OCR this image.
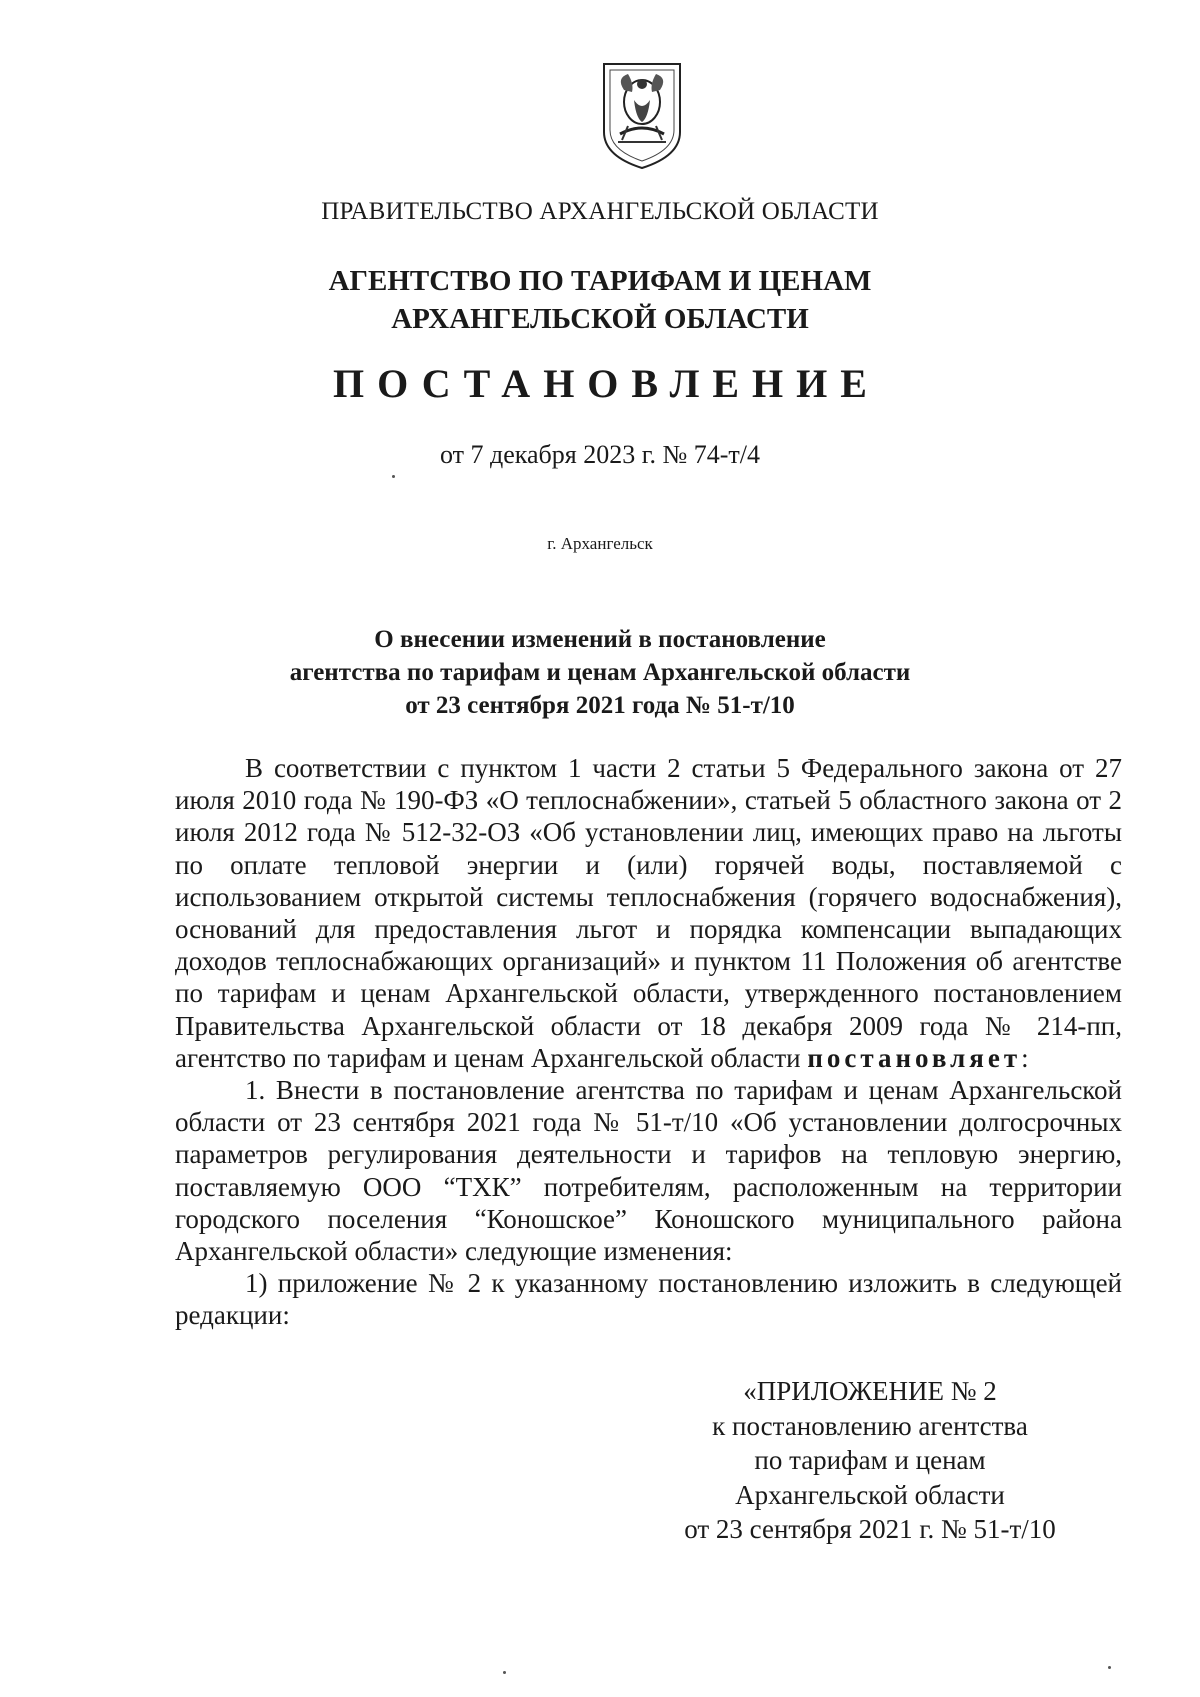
ПРАВИТЕЛЬСТВО АРХАНГЕЛЬСКОЙ ОБЛАСТИ
АГЕНТСТВО ПО ТАРИФАМ И ЦЕНАМ
АРХАНГЕЛЬСКОЙ ОБЛАСТИ
ПОСТАНОВЛЕНИЕ
от 7 декабря 2023 г. № 74-т/4
г. Архангельск
О внесении изменений в постановление
агентства по тарифам и ценам Архангельской области
от 23 сентября 2021 года № 51-т/10

В соответствии с пунктом 1 части 2 статьи 5 Федерального закона от 27 июля 2010 года № 190-ФЗ «О теплоснабжении», статьей 5 областного закона от 2 июля 2012 года № 512-32-ОЗ «Об установлении лиц, имеющих право на льготы по оплате тепловой энергии и (или) горячей воды, поставляемой с использованием открытой системы теплоснабжения (горячего водоснабжения), оснований для предоставления льгот и порядка компенсации выпадающих доходов теплоснабжающих организаций» и пунктом 11 Положения об агентстве по тарифам и ценам Архангельской области, утвержденного постановлением Правительства Архангельской области от 18 декабря 2009 года № 214-пп, агентство по тарифам и ценам Архангельской области постановляет:

1. Внести в постановление агентства по тарифам и ценам Архангельской области от 23 сентября 2021 года № 51-т/10 «Об установлении долгосрочных параметров регулирования деятельности и тарифов на тепловую энергию, поставляемую ООО “ТХК” потребителям, расположенным на территории городского поселения “Коношское” Коношского муниципального района Архангельской области» следующие изменения:

1) приложение № 2 к указанному постановлению изложить в следующей редакции:

«ПРИЛОЖЕНИЕ № 2
к постановлению агентства
по тарифам и ценам
Архангельской области
от 23 сентября 2021 г. № 51-т/10
